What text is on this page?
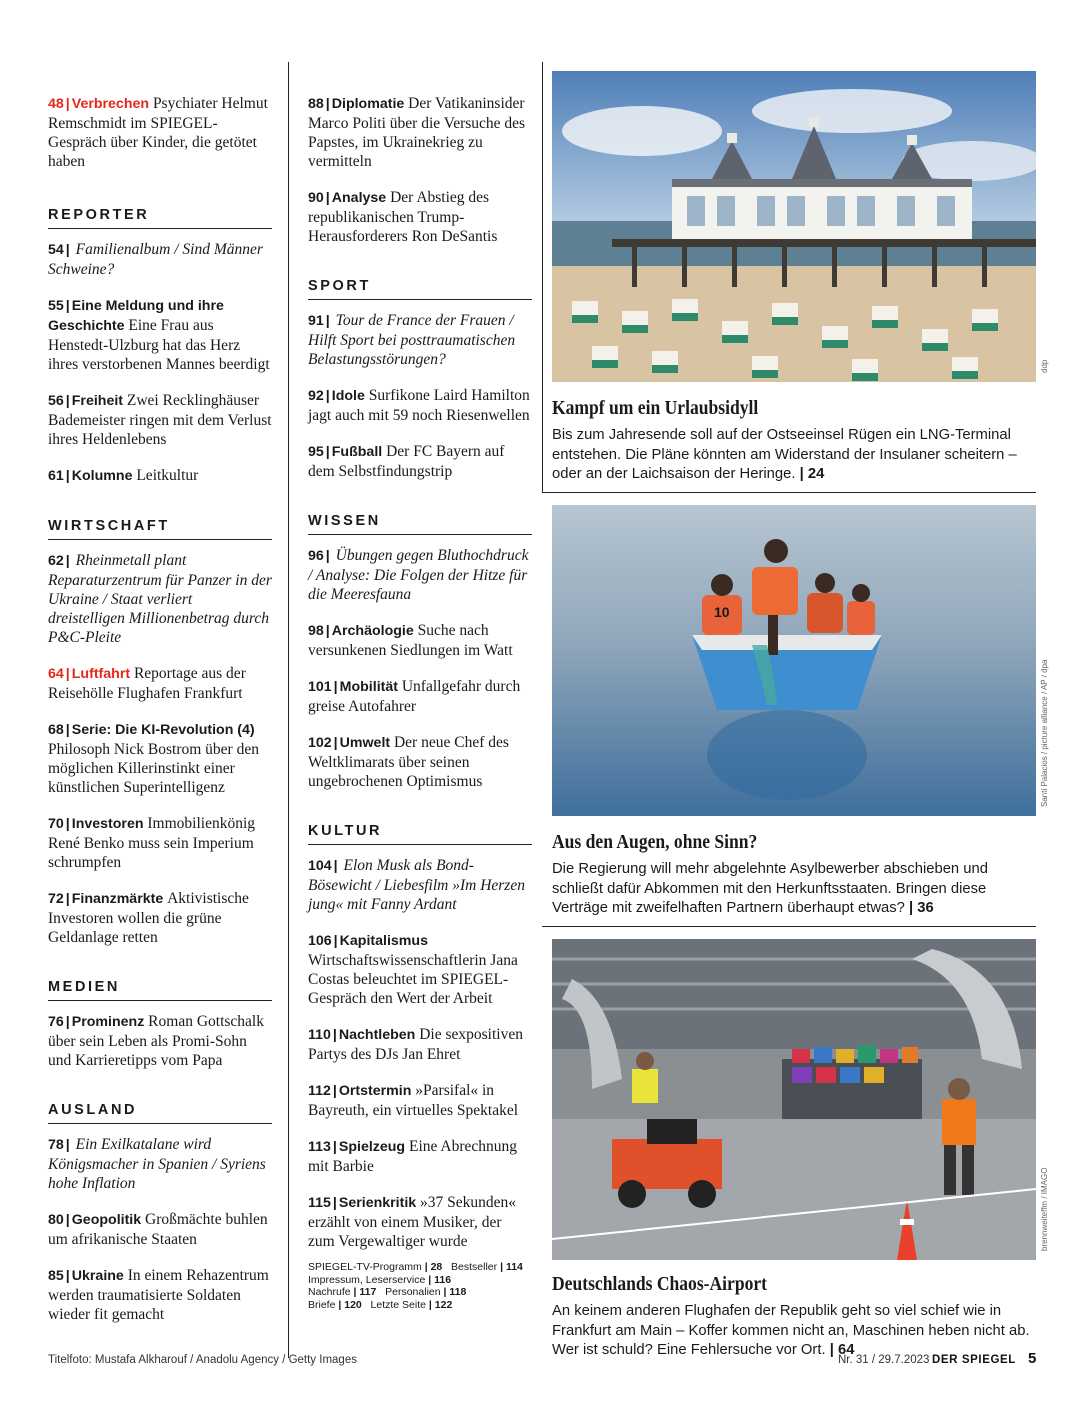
48 | Verbrechen Psychiater Helmut Remschmidt im SPIEGEL-Gespräch über Kinder, die getötet haben
REPORTER
54 | Familienalbum / Sind Männer Schweine?
55 | Eine Meldung und ihre Geschichte Eine Frau aus Henstedt-Ulzburg hat das Herz ihres verstorbenen Mannes beerdigt
56 | Freiheit Zwei Recklinghäuser Bademeister ringen mit dem Verlust ihres Heldenlebens
61 | Kolumne Leitkultur
WIRTSCHAFT
62 | Rheinmetall plant Reparaturzentrum für Panzer in der Ukraine / Staat verliert dreistelligen Millionenbetrag durch P&C-Pleite
64 | Luftfahrt Reportage aus der Reisehölle Flughafen Frankfurt
68 | Serie: Die KI-Revolution (4) Philosoph Nick Bostrom über den möglichen Killerinstinkt einer künstlichen Superintelligenz
70 | Investoren Immobilienkönig René Benko muss sein Imperium schrumpfen
72 | Finanzmärkte Aktivistische Investoren wollen die grüne Geldanlage retten
MEDIEN
76 | Prominenz Roman Gottschalk über sein Leben als Promi-Sohn und Karrieretipps vom Papa
AUSLAND
78 | Ein Exilkatalane wird Königsmacher in Spanien / Syriens hohe Inflation
80 | Geopolitik Großmächte buhlen um afrikanische Staaten
85 | Ukraine In einem Rehazentrum werden traumatisierte Soldaten wieder fit gemacht
88 | Diplomatie Der Vatikaninsider Marco Politi über die Versuche des Papstes, im Ukrainekrieg zu vermitteln
90 | Analyse Der Abstieg des republikanischen Trump-Herausforderers Ron DeSantis
SPORT
91 | Tour de France der Frauen / Hilft Sport bei posttraumatischen Belastungsstörungen?
92 | Idole Surfikone Laird Hamilton jagt auch mit 59 noch Riesenwellen
95 | Fußball Der FC Bayern auf dem Selbstfindungstrip
WISSEN
96 | Übungen gegen Bluthochdruck / Analyse: Die Folgen der Hitze für die Meeresfauna
98 | Archäologie Suche nach versunkenen Siedlungen im Watt
101 | Mobilität Unfallgefahr durch greise Autofahrer
102 | Umwelt Der neue Chef des Weltklimarats über seinen ungebrochenen Optimismus
KULTUR
104 | Elon Musk als Bond-Bösewicht / Liebesfilm »Im Herzen jung« mit Fanny Ardant
106 | Kapitalismus Wirtschaftswissenschaftlerin Jana Costas beleuchtet im SPIEGEL-Gespräch den Wert der Arbeit
110 | Nachtleben Die sexpositiven Partys des DJs Jan Ehret
112 | Ortstermin »Parsifal« in Bayreuth, ein virtuelles Spektakel
113 | Spielzeug Eine Abrechnung mit Barbie
115 | Serienkritik »37 Sekunden« erzählt von einem Musiker, der zum Vergewaltiger wurde
SPIEGEL-TV-Programm | 28 Bestseller | 114
Impressum, Leserservice | 116
Nachrufe | 117 Personalien | 118
Briefe | 120 Letzte Seite | 122
ddp
Kampf um ein Urlaubsidyll

Bis zum Jahresende soll auf der Ostseeinsel Rügen ein LNG-Terminal entstehen. Die Pläne könnten am Widerstand der Insulaner scheitern – oder an der Laichsaison der Heringe. | 24

10
Santi Palacios / picture alliance / AP / dpa
Aus den Augen, ohne Sinn?

Die Regierung will mehr abgelehnte Asylbewerber abschieben und schließt dafür Abkommen mit den Herkunftsstaaten. Bringen diese Verträge mit zweifelhaften Partnern überhaupt etwas? | 36

brennweiteffm / IMAGO
Deutschlands Chaos-Airport

An keinem anderen Flughafen der Republik geht so viel schief wie in Frankfurt am Main – Koffer kommen nicht an, Maschinen heben nicht ab. Wer ist schuld? Eine Fehlersuche vor Ort. | 64

Titelfoto: Mustafa Alkharouf / Anadolu Agency / Getty Images	Nr. 31 / 29.7.2023 DER SPIEGEL 5
